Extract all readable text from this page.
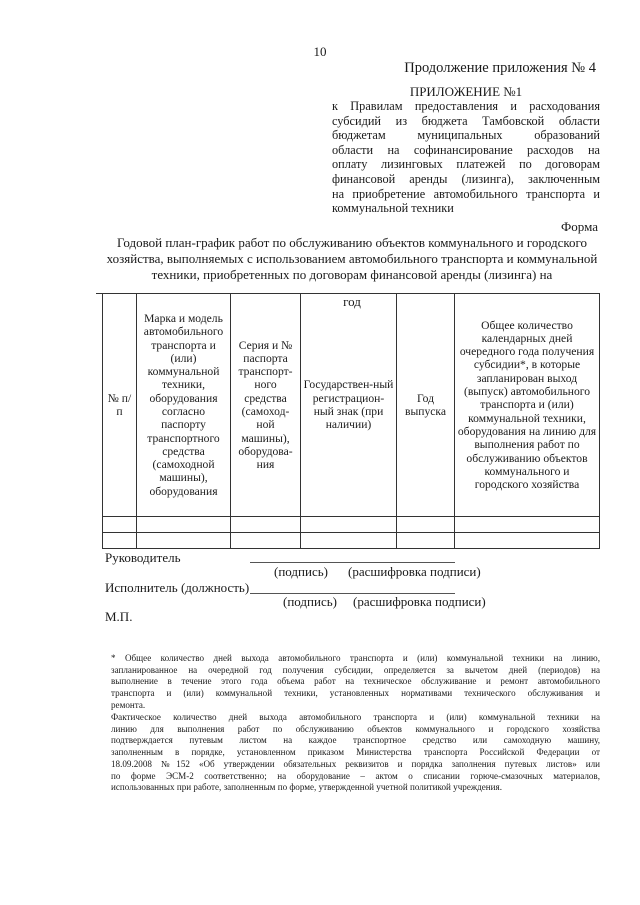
10
Продолжение приложения № 4
ПРИЛОЖЕНИЕ №1
к Правилам предоставления и расходования
субсидий из бюджета Тамбовской области
бюджетам муниципальных образований
области на софинансирование расходов на
оплату лизинговых платежей по договорам
финансовой аренды (лизинга), заключенным
на приобретение автомобильного транспорта и
коммунальной техники
Форма
Годовой план-график работ по обслуживанию объектов коммунального и городского
хозяйства, выполняемых с использованием автомобильного транспорта и коммунальной
техники, приобретенных по договорам финансовой аренды (лизинга) на
год
№ п/п	Марка и модель автомобильного транспорта и (или) коммунальной техники, оборудования согласно паспорту транспортного средства (самоходной машины), оборудования	Серия и № паспорта транспорт-ного средства (самоход-ной машины), оборудова-ния	Государствен-ный регистрацион-ный знак (при наличии)	Год выпуска	Общее количество календарных дней очередного года получения субсидии*, в которые запланирован выход (выпуск) автомобильного транспорта и (или) коммунальной техники, оборудования на линию для выполнения работ по обслуживанию объектов коммунального и городского хозяйства

Руководитель
(подпись) (расшифровка подписи)
Исполнитель (должность)
(подпись) (расшифровка подписи)
М.П.
* Общее количество дней выхода автомобильного транспорта и (или) коммунальной техники на линию,
запланированное на очередной год получения субсидии, определяется за вычетом дней (периодов) на
выполнение в течение этого года объема работ на техническое обслуживание и ремонт автомобильного
транспорта и (или) коммунальной техники, установленных нормативами технического обслуживания и
ремонта.
Фактическое количество дней выхода автомобильного транспорта и (или) коммунальной техники на
линию для выполнения работ по обслуживанию объектов коммунального и городского хозяйства
подтверждается путевым листом на каждое транспортное средство или самоходную машину,
заполненным в порядке, установленном приказом Министерства транспорта Российской Федерации от
18.09.2008 №152 «Об утверждении обязательных реквизитов и порядка заполнения путевых листов» или
по форме ЭСМ-2 соответственно; на оборудование – актом о списании горюче-смазочных материалов,
использованных при работе, заполненным по форме, утвержденной учетной политикой учреждения.
